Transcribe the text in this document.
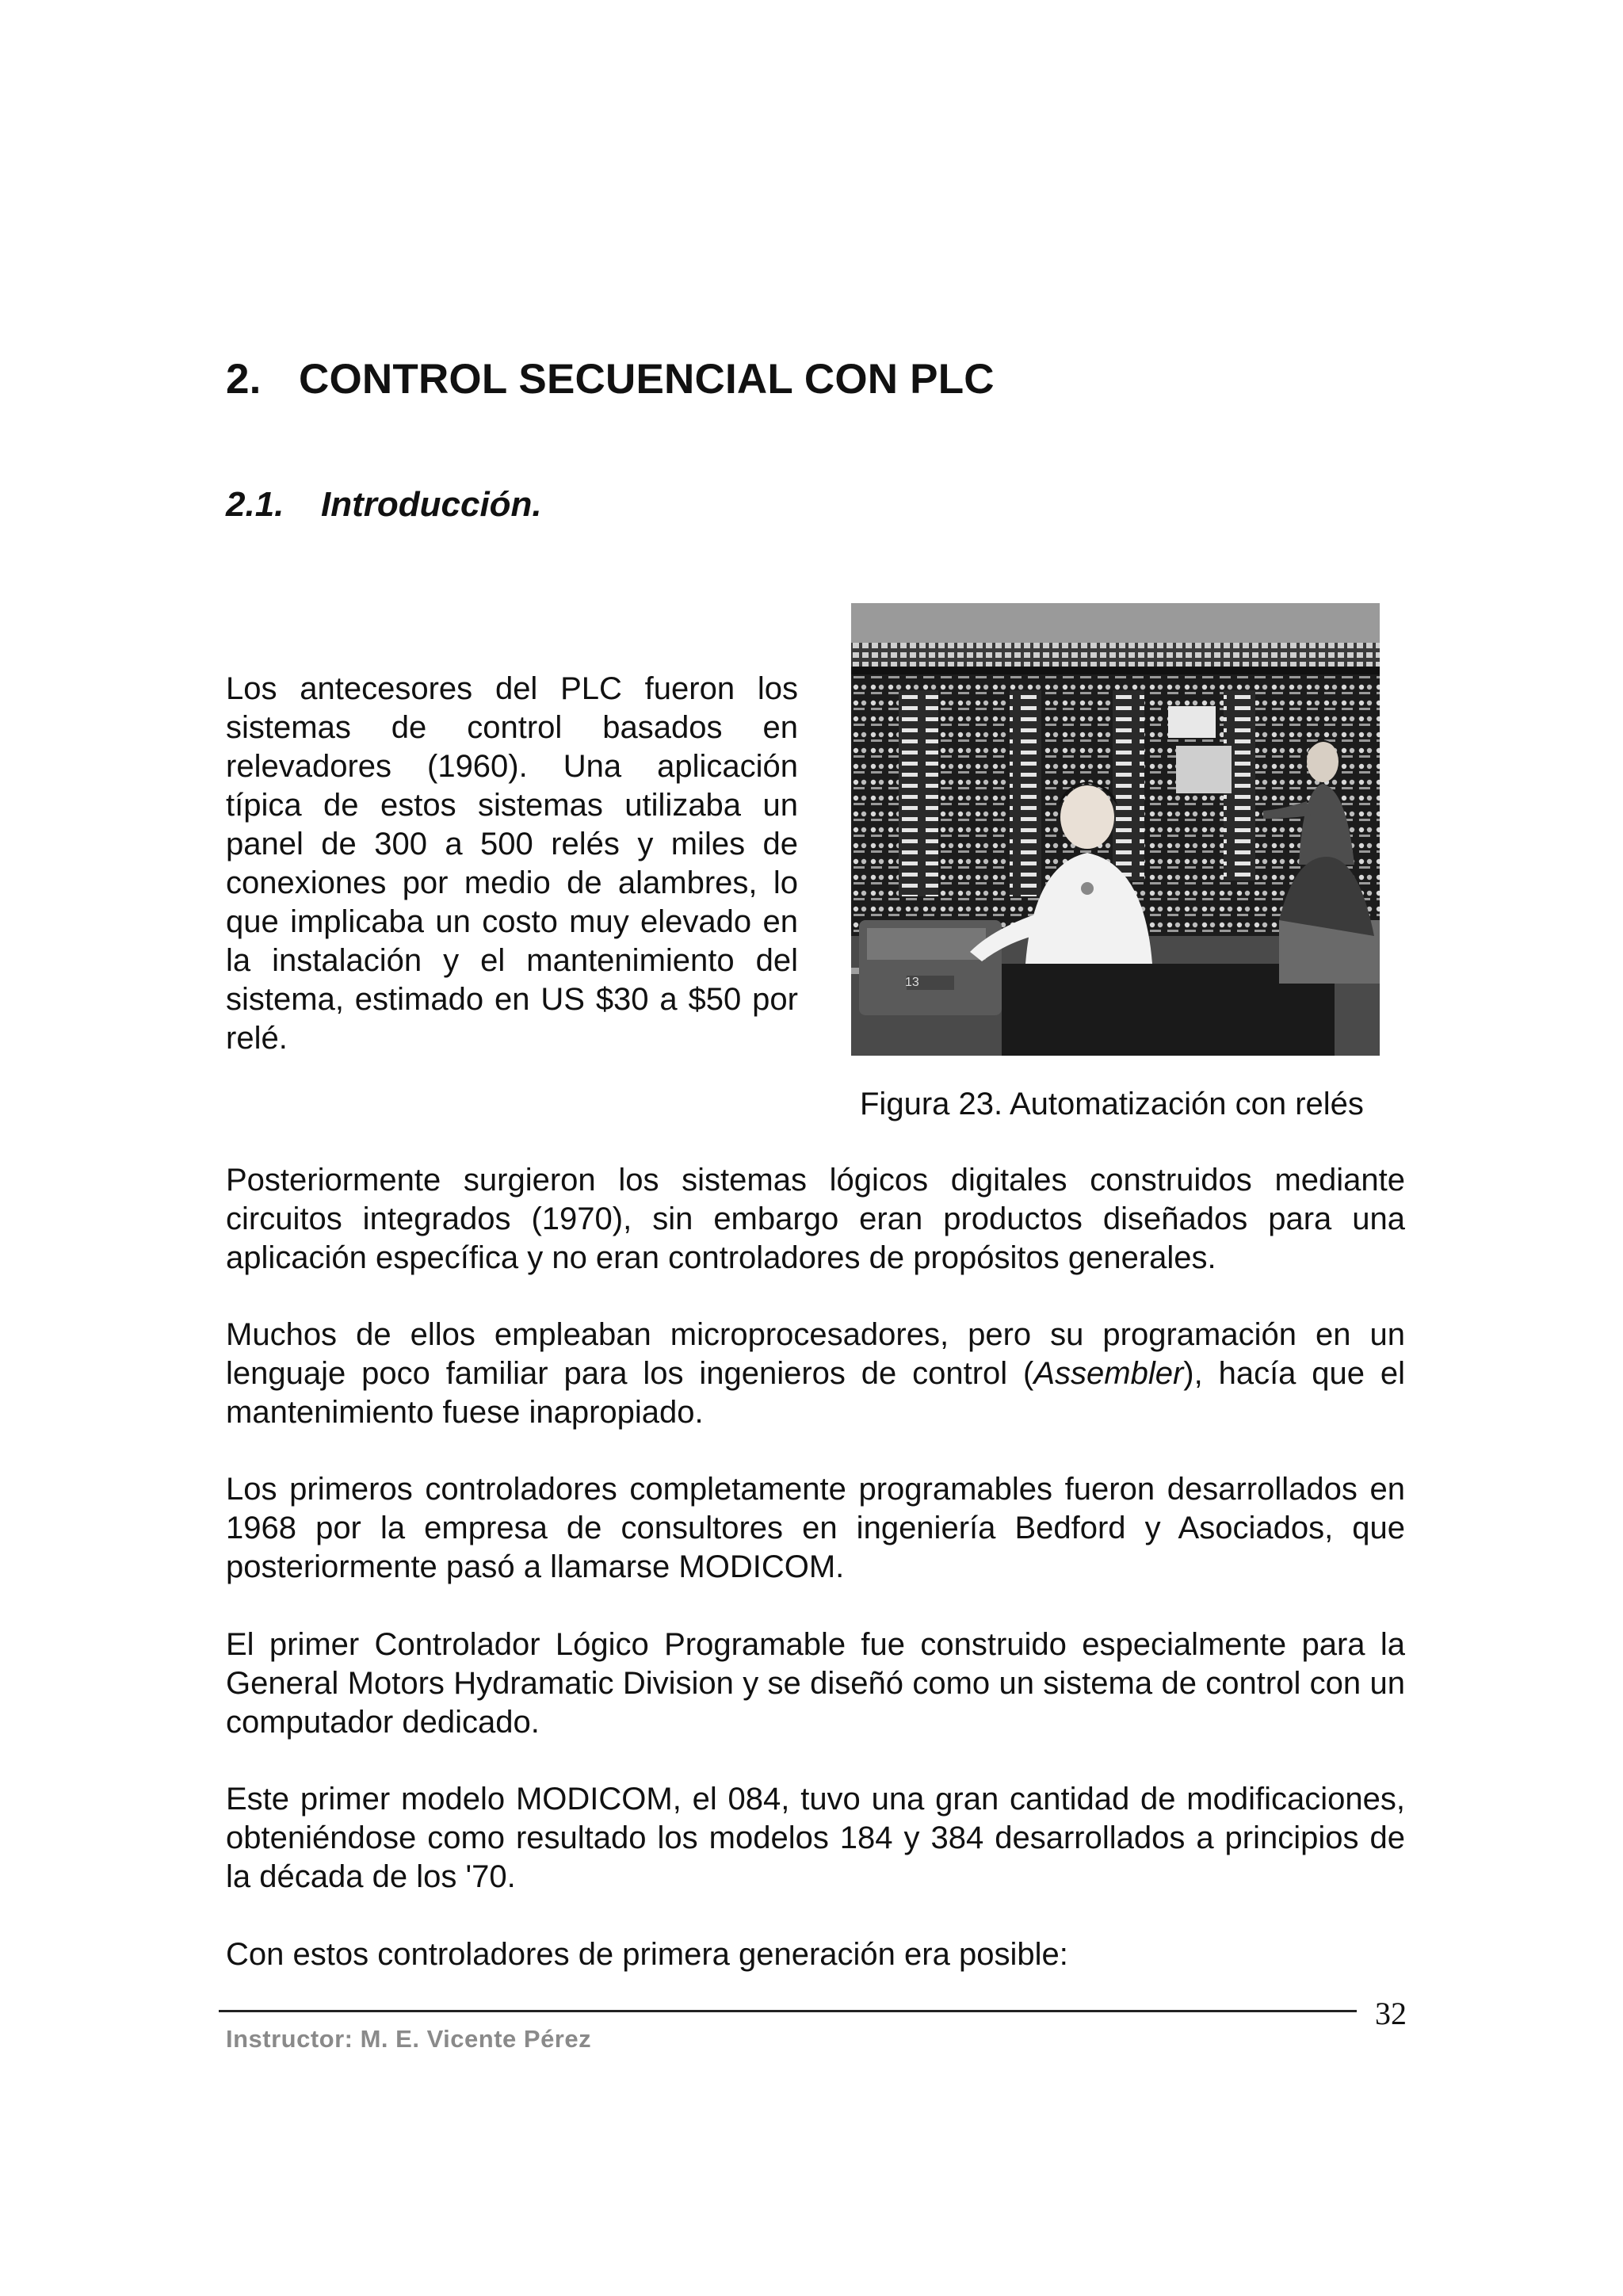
2. CONTROL SECUENCIAL CON PLC
2.1. Introducción.

Los antecesores del PLC fueron los sistemas de control basados en relevadores (1960). Una aplicación típica de estos sistemas utilizaba un panel de 300 a 500 relés y miles de conexiones por medio de alambres, lo que implicaba un costo muy elevado en la instalación y el mantenimiento del sistema, estimado en US $30 a $50 por relé.

13

Figura 23. Automatización con relés

Posteriormente surgieron los sistemas lógicos digitales construidos mediante circuitos integrados (1970), sin embargo eran productos diseñados para una aplicación específica y no eran controladores de propósitos generales.

Muchos de ellos empleaban microprocesadores, pero su programación en un lenguaje poco familiar para los ingenieros de control (Assembler), hacía que el mantenimiento fuese inapropiado.

Los primeros controladores completamente programables fueron desarrollados en 1968 por la empresa de consultores en ingeniería Bedford y Asociados, que posteriormente pasó a llamarse MODICOM.

El primer Controlador Lógico Programable fue construido especialmente para la General Motors Hydramatic Division y se diseñó como un sistema de control con un computador dedicado.

Este primer modelo MODICOM, el 084, tuvo una gran cantidad de modificaciones, obteniéndose como resultado los modelos 184 y 384 desarrollados a principios de la década de los '70.

Con estos controladores de primera generación era posible:

32
Instructor: M. E. Vicente Pérez
